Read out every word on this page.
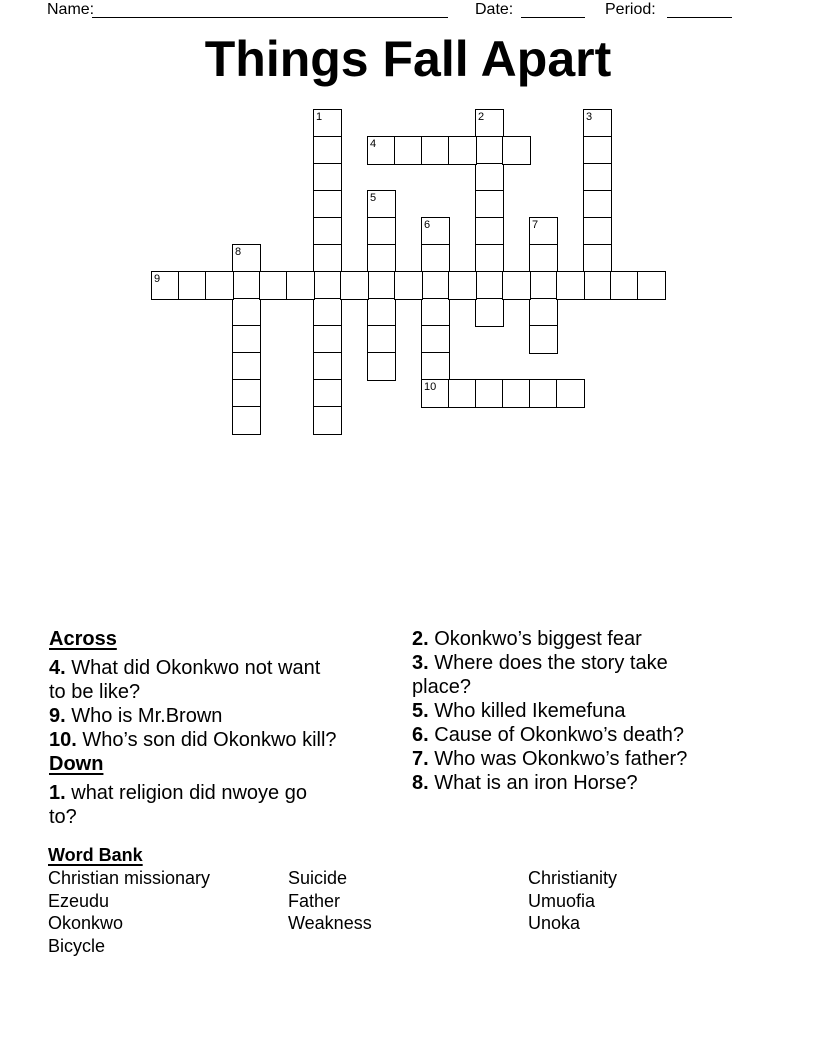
Name:	Date:	Period:
Things Fall Apart
1	2	3
4
5
6	7
8
9
10
Across
4. What did Okonkwo not want
to be like?
9. Who is Mr.Brown
10. Who’s son did Okonkwo kill?
Down
1. what religion did nwoye go
to?
2. Okonkwo’s biggest fear
3. Where does the story take
place?
5. Who killed Ikemefuna
6. Cause of Okonkwo’s death?
7. Who was Okonkwo’s father?
8. What is an iron Horse?
Word Bank
Christian missionary
Ezeudu
Okonkwo
Bicycle
Suicide
Father
Weakness
Christianity
Umuofia
Unoka
